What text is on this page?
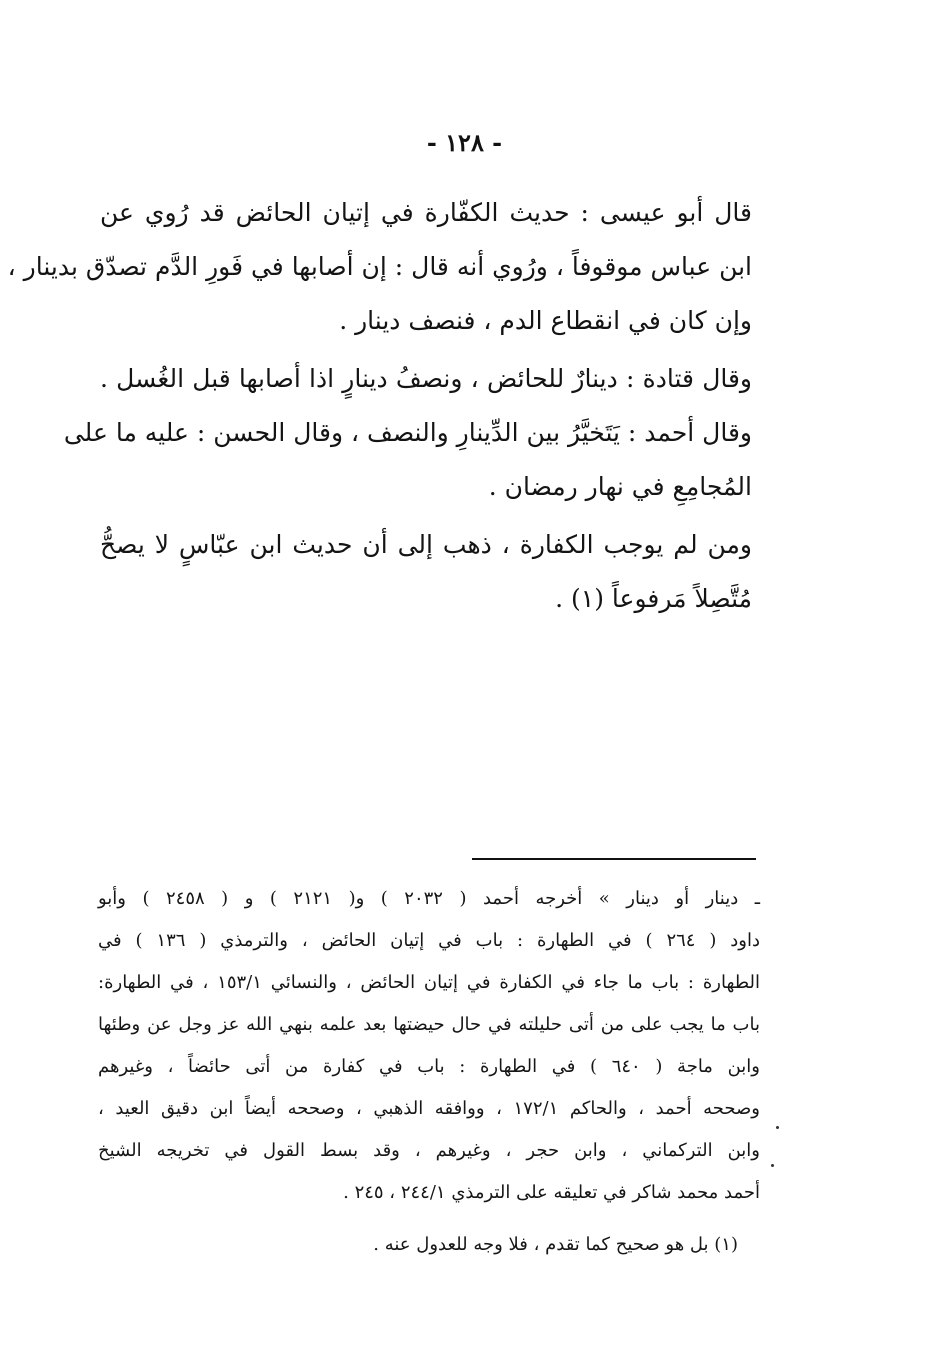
- ١٢٨ -
قال أبو عيسى : حديث الكفّارة في إتيان الحائض قد رُوي عن
ابن عباس موقوفاً ، ورُوي أنه قال : إن أصابها في فَورِ الدَّم تصدّق بدينار ،
وإن كان في انقطاع الدم ، فنصف دينار .
وقال قتادة : دينارٌ للحائض ، ونصفُ دينارٍ اذا أصابها قبل الغُسل .
وقال أحمد : يَتَخيَّرُ بين الدِّينارِ والنصف ، وقال الحسن : عليه ما على
المُجامِعِ في نهار رمضان .
ومن لم يوجب الكفارة ، ذهب إلى أن حديث ابن عبّاسٍ لا يصحُّ
مُتَّصِلاً مَرفوعاً (١) .
ـ دينار أو دينار » أخرجه أحمد ( ٢٠٣٢ ) و( ٢١٢١ ) و ( ٢٤٥٨ ) وأبو
داود ( ٢٦٤ ) في الطهارة : باب في إتيان الحائض ، والترمذي ( ١٣٦ ) في
الطهارة : باب ما جاء في الكفارة في إتيان الحائض ، والنسائي ١٥٣/١ ، في الطهارة:
باب ما يجب على من أتى حليلته في حال حيضتها بعد علمه بنهي الله عز وجل عن وطئها
وابن ماجة ( ٦٤٠ ) في الطهارة : باب في كفارة من أتى حائضاً ، وغيرهم
وصححه أحمد ، والحاكم ١٧٢/١ ، ووافقه الذهبي ، وصححه أيضاً ابن دقيق العيد ،
وابن التركماني ، وابن حجر ، وغيرهم ، وقد بسط القول في تخريجه الشيخ
أحمد محمد شاكر في تعليقه على الترمذي ٢٤٤/١ ، ٢٤٥ .
(١) بل هو صحيح كما تقدم ، فلا وجه للعدول عنه .
